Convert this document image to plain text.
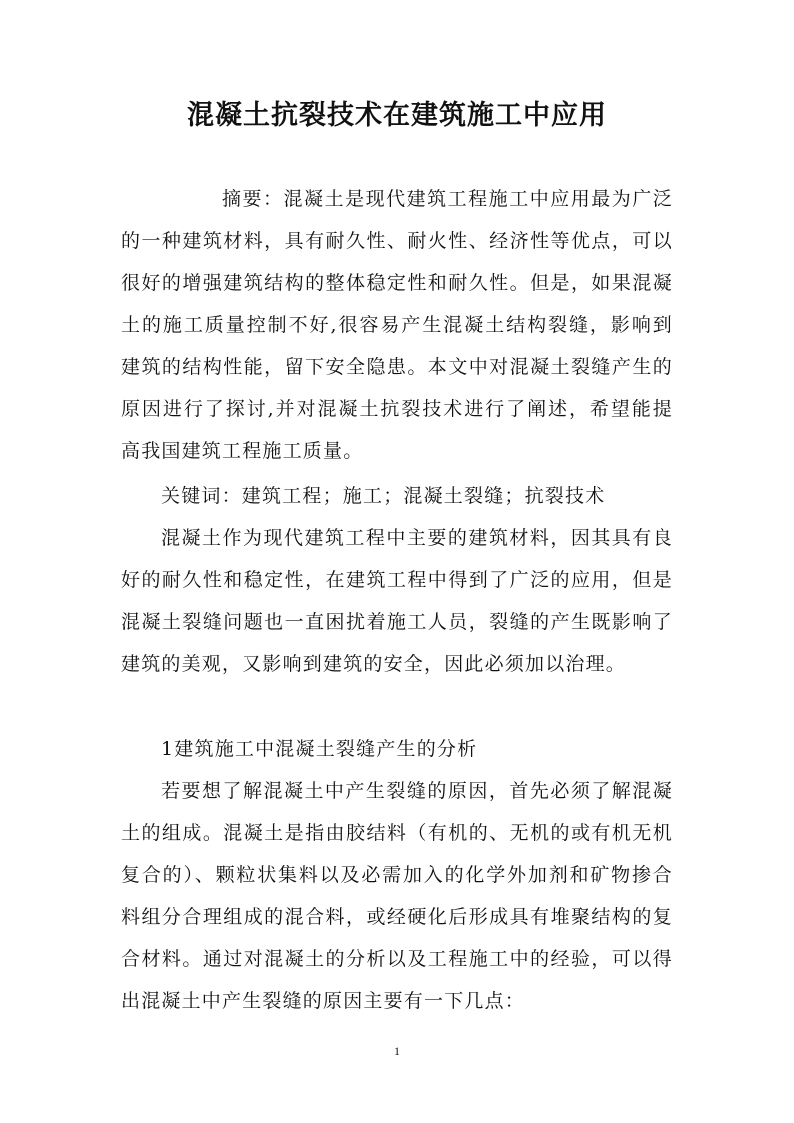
混凝土抗裂技术在建筑施工中应用

摘要：混凝土是现代建筑工程施工中应用最为广泛的一种建筑材料，具有耐久性、耐火性、经济性等优点，可以很好的增强建筑结构的整体稳定性和耐久性。但是，如果混凝土的施工质量控制不好,很容易产生混凝土结构裂缝，影响到建筑的结构性能，留下安全隐患。本文中对混凝土裂缝产生的原因进行了探讨,并对混凝土抗裂技术进行了阐述，希望能提高我国建筑工程施工质量。

关键词：建筑工程；施工；混凝土裂缝；抗裂技术

混凝土作为现代建筑工程中主要的建筑材料，因其具有良好的耐久性和稳定性，在建筑工程中得到了广泛的应用，但是混凝土裂缝问题也一直困扰着施工人员，裂缝的产生既影响了建筑的美观，又影响到建筑的安全，因此必须加以治理。

1建筑施工中混凝土裂缝产生的分析

若要想了解混凝土中产生裂缝的原因，首先必须了解混凝土的组成。混凝土是指由胶结料（有机的、无机的或有机无机复合的）、颗粒状集料以及必需加入的化学外加剂和矿物掺合料组分合理组成的混合料，或经硬化后形成具有堆聚结构的复合材料。通过对混凝土的分析以及工程施工中的经验，可以得出混凝土中产生裂缝的原因主要有一下几点：

1
